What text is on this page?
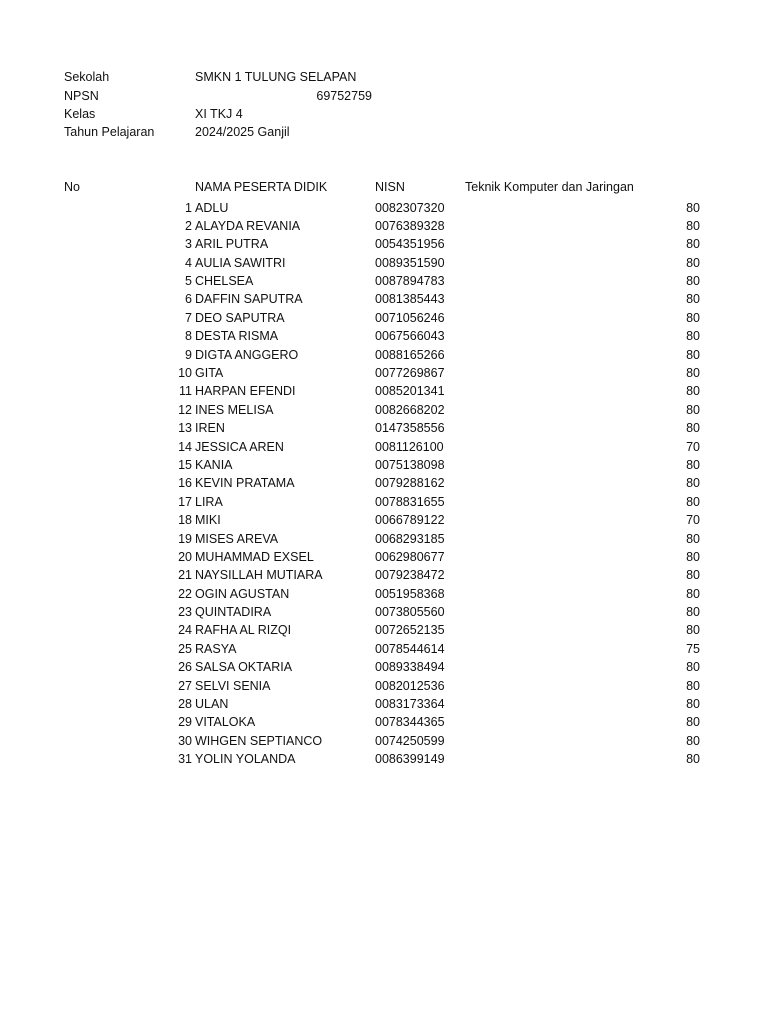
Sekolah	SMKN 1 TULUNG SELAPAN
NPSN	69752759
Kelas	XI TKJ 4
Tahun Pelajaran	2024/2025 Ganjil
No	NAMA PESERTA DIDIK	NISN	Teknik Komputer dan Jaringan
1 ADLU	0082307320	80
2 ALAYDA REVANIA	0076389328	80
3 ARIL PUTRA	0054351956	80
4 AULIA SAWITRI	0089351590	80
5 CHELSEA	0087894783	80
6 DAFFIN SAPUTRA	0081385443	80
7 DEO SAPUTRA	0071056246	80
8 DESTA RISMA	0067566043	80
9 DIGTA ANGGERO	0088165266	80
10 GITA	0077269867	80
11 HARPAN EFENDI	0085201341	80
12 INES MELISA	0082668202	80
13 IREN	0147358556	80
14 JESSICA AREN	0081126100	70
15 KANIA	0075138098	80
16 KEVIN PRATAMA	0079288162	80
17 LIRA	0078831655	80
18 MIKI	0066789122	70
19 MISES AREVA	0068293185	80
20 MUHAMMAD EXSEL	0062980677	80
21 NAYSILLAH MUTIARA	0079238472	80
22 OGIN AGUSTAN	0051958368	80
23 QUINTADIRA	0073805560	80
24 RAFHA AL RIZQI	0072652135	80
25 RASYA	0078544614	75
26 SALSA OKTARIA	0089338494	80
27 SELVI SENIA	0082012536	80
28 ULAN	0083173364	80
29 VITALOKA	0078344365	80
30 WIHGEN SEPTIANCO	0074250599	80
31 YOLIN YOLANDA	0086399149	80
